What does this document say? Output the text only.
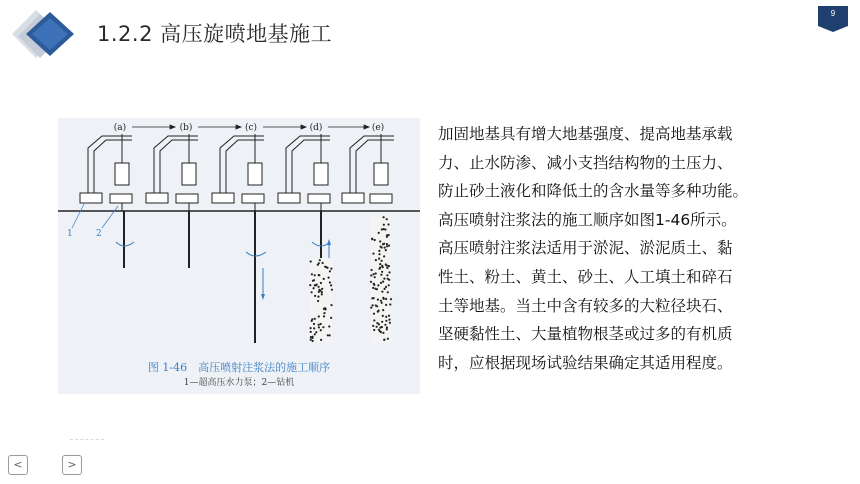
1.2.2 高压旋喷地基施工
9
(a)	(b)	(c)	(d)	(e)
1	2
图 1-46　高压喷射注浆法的施工顺序
1—超高压水力泵；2—钻机

加固地基具有增大地基强度、提高地基承载

力、止水防渗、减小支挡结构物的土压力、

防止砂土液化和降低土的含水量等多种功能。

高压喷射注浆法的施工顺序如图1-46所示。

高压喷射注浆法适用于淤泥、淤泥质土、黏

性土、粉土、黄土、砂土、人工填土和碎石

土等地基。当土中含有较多的大粒径块石、

坚硬黏性土、大量植物根茎或过多的有机质

时，应根据现场试验结果确定其适用程度。

<	>
